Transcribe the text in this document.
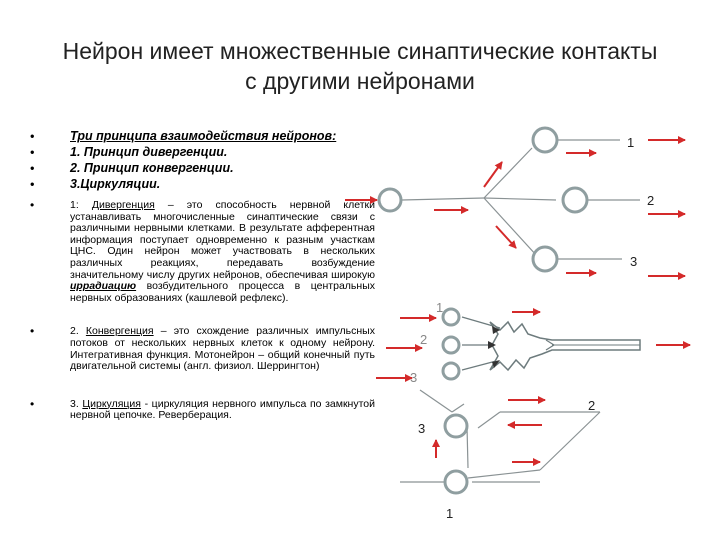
Нейрон имеет множественные синаптические контакты
с другими нейронами
• Три принципа взаимодействия нейронов:
• 1. Принцип дивергенции.
• 2. Принцип конвергенции.
• 3.Циркуляции.
• 1: Дивергенция – это способность нервной клетки устанавливать многочисленные синаптические связи с различными нервными клетками. В результате афферентная информация поступает одновременно к разным участкам ЦНС. Один нейрон может участвовать в нескольких различных реакциях, передавать возбуждение значительному числу других нейронов, обеспечивая широкую иррадиацию возбудительного процесса в центральных нервных образованиях (кашлевой рефлекс).
• 2. Конвергенция – это схождение различных импульсных потоков от нескольких нервных клеток к одному нейрону. Интегративная функция. Мотонейрон – общий конечный путь двигательной системы (англ. физиол. Шеррингтон)
• 3. Циркуляция - циркуляция нервного импульса по замкнутой нервной цепочке. Реверберация.
1
2
3
1
2
3
2
3
1
